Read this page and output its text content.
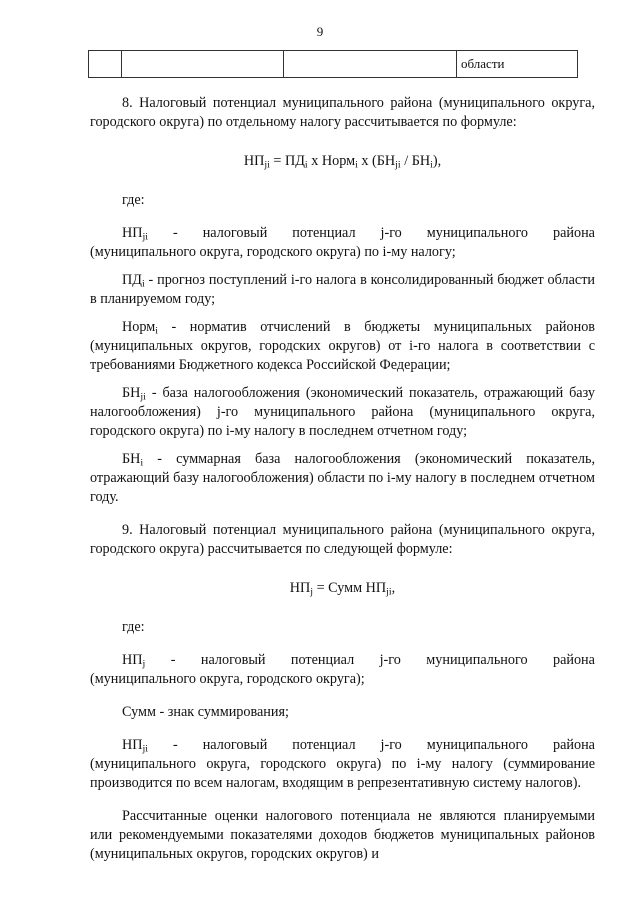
9
			области

8. Налоговый потенциал муниципального района (муниципального округа, городского округа) по отдельному налогу рассчитывается по формуле:

$НП_{ji} = ПД_i$ х Норм$_i$ х $(БН_{ji} / БН_i)$,

где:

$НП_{ji}$ - налоговый потенциал j-го муниципального района

(муниципального округа, городского округа) по i-му налогу;

$ПД_i$ - прогноз поступлений i-го налога в консолидированный бюджет области в планируемом году;

Норм$_i$ - норматив отчислений в бюджеты муниципальных районов (муниципальных округов, городских округов) от i-го налога в соответствии с требованиями Бюджетного кодекса Российской Федерации;

$БН_{ji}$ - база налогообложения (экономический показатель, отражающий базу налогообложения) j-го муниципального района (муниципального округа, городского округа) по i-му налогу в последнем отчетном году;

$БН_i$ - суммарная база налогообложения (экономический показатель, отражающий базу налогообложения) области по i-му налогу в последнем отчетном году.

9. Налоговый потенциал муниципального района (муниципального округа, городского округа) рассчитывается по следующей формуле:

$НП_j$ = Сумм $НП_{ji}$,

где:

$НП_j$ - налоговый потенциал j-го муниципального района

(муниципального округа, городского округа);

Сумм - знак суммирования;

$НП_{ji}$ - налоговый потенциал j-го муниципального района

(муниципального округа, городского округа) по i-му налогу (суммирование производится по всем налогам, входящим в репрезентативную систему налогов).

Рассчитанные оценки налогового потенциала не являются планируемыми или рекомендуемыми показателями доходов бюджетов муниципальных районов (муниципальных округов, городских округов) и
